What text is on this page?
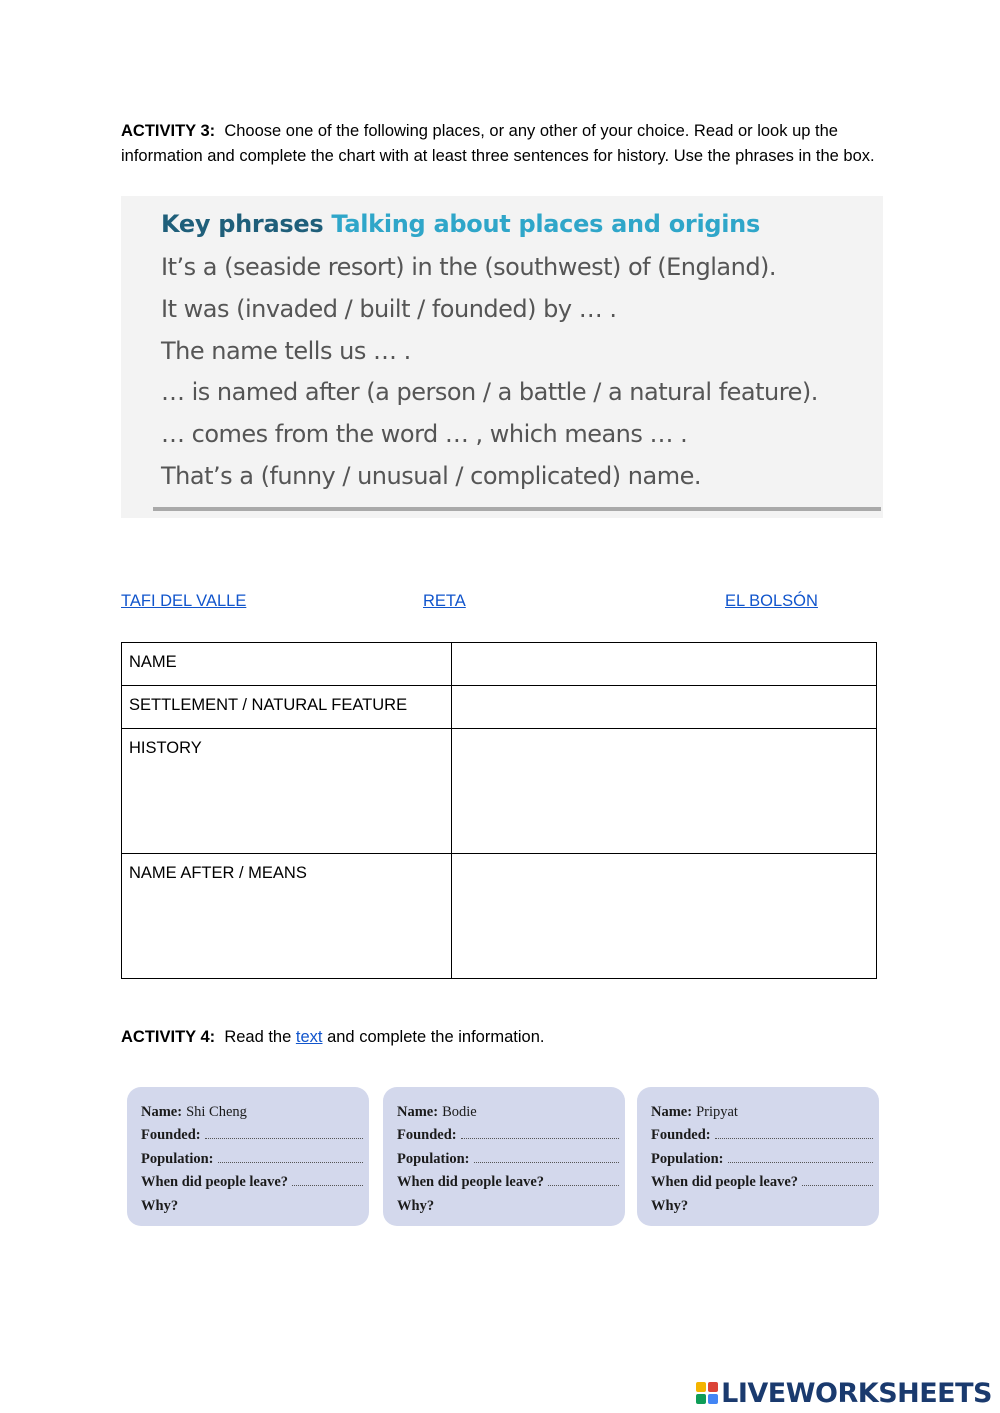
ACTIVITY 3: Choose one of the following places, or any other of your choice. Read or look up the information and complete the chart with at least three sentences for history. Use the phrases in the box.
Key phrases Talking about places and origins
It’s a (seaside resort) in the (southwest) of (England).
It was (invaded / built / founded) by … .
The name tells us … .
… is named after (a person / a battle / a natural feature).
… comes from the word … , which means … .
That’s a (funny / unusual / complicated) name.
TAFI DEL VALLE	RETA	EL BOLSÓN
NAME	
SETTLEMENT / NATURAL FEATURE	
HISTORY	
NAME AFTER / MEANS	
ACTIVITY 4: Read the text and complete the information.
Name: Shi Cheng
Founded:
Population:
When did people leave?
Why?
Name: Bodie
Founded:
Population:
When did people leave?
Why?
Name: Pripyat
Founded:
Population:
When did people leave?
Why?
LIVEWORKSHEETS
